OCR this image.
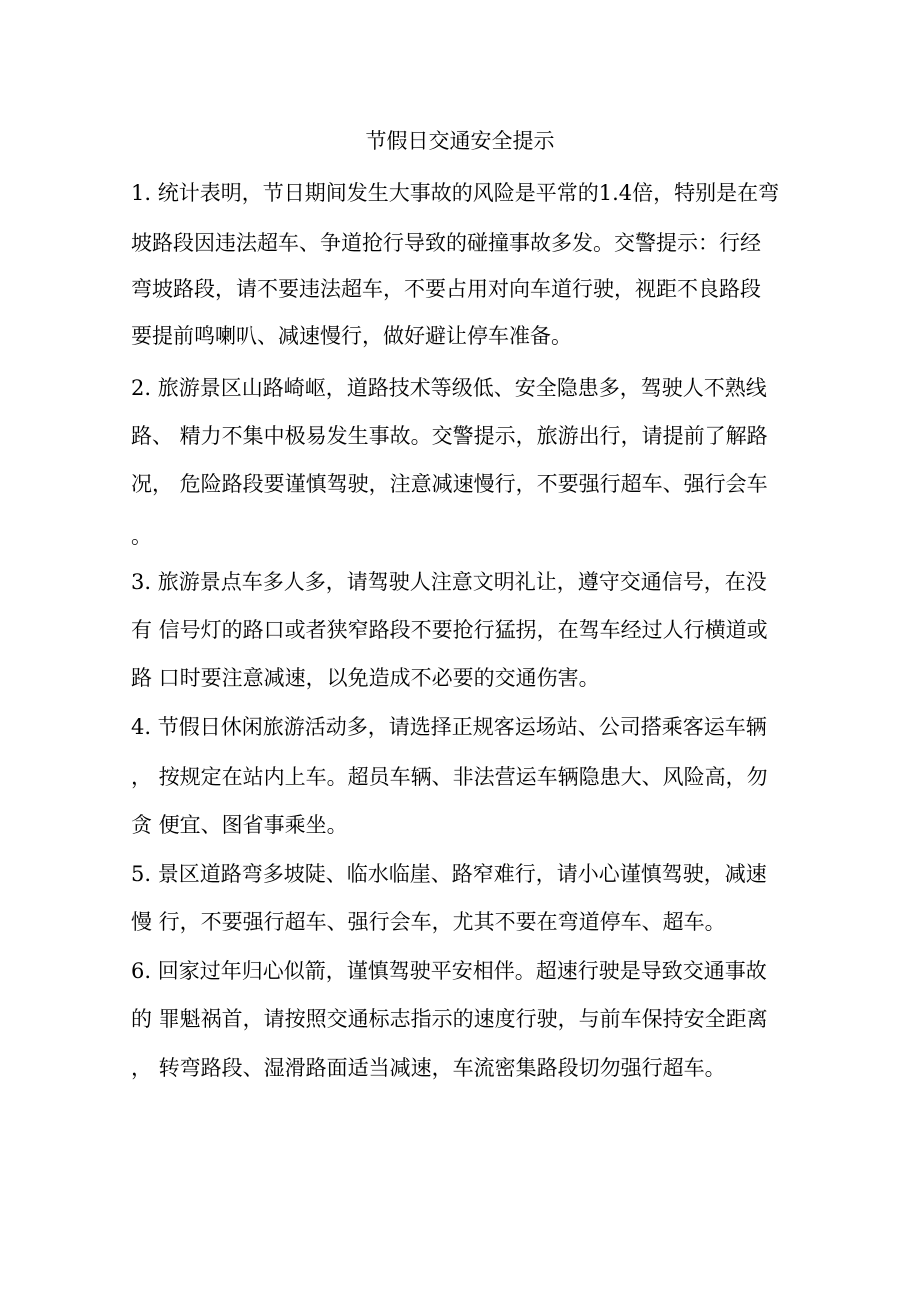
节假日交通安全提示
1. 统计表明，节日期间发生大事故的风险是平常的1.4倍，特别是在弯
坡路段因违法超车、争道抢行导致的碰撞事故多发。交警提示：行经
弯坡路段，请不要违法超车，不要占用对向车道行驶，视距不良路段
要提前鸣喇叭、减速慢行，做好避让停车准备。
2. 旅游景区山路崎岖，道路技术等级低、安全隐患多，驾驶人不熟线
路、 精力不集中极易发生事故。交警提示，旅游出行，请提前了解路
况， 危险路段要谨慎驾驶，注意减速慢行，不要强行超车、强行会车
。
3. 旅游景点车多人多，请驾驶人注意文明礼让，遵守交通信号，在没
有 信号灯的路口或者狭窄路段不要抢行猛拐，在驾车经过人行横道或
路 口时要注意减速，以免造成不必要的交通伤害。
4. 节假日休闲旅游活动多，请选择正规客运场站、公司搭乘客运车辆
， 按规定在站内上车。超员车辆、非法营运车辆隐患大、风险高，勿
贪 便宜、图省事乘坐。
5. 景区道路弯多坡陡、临水临崖、路窄难行，请小心谨慎驾驶，减速
慢 行，不要强行超车、强行会车，尤其不要在弯道停车、超车。
6. 回家过年归心似箭，谨慎驾驶平安相伴。超速行驶是导致交通事故
的 罪魁祸首，请按照交通标志指示的速度行驶，与前车保持安全距离
， 转弯路段、湿滑路面适当减速，车流密集路段切勿强行超车。
